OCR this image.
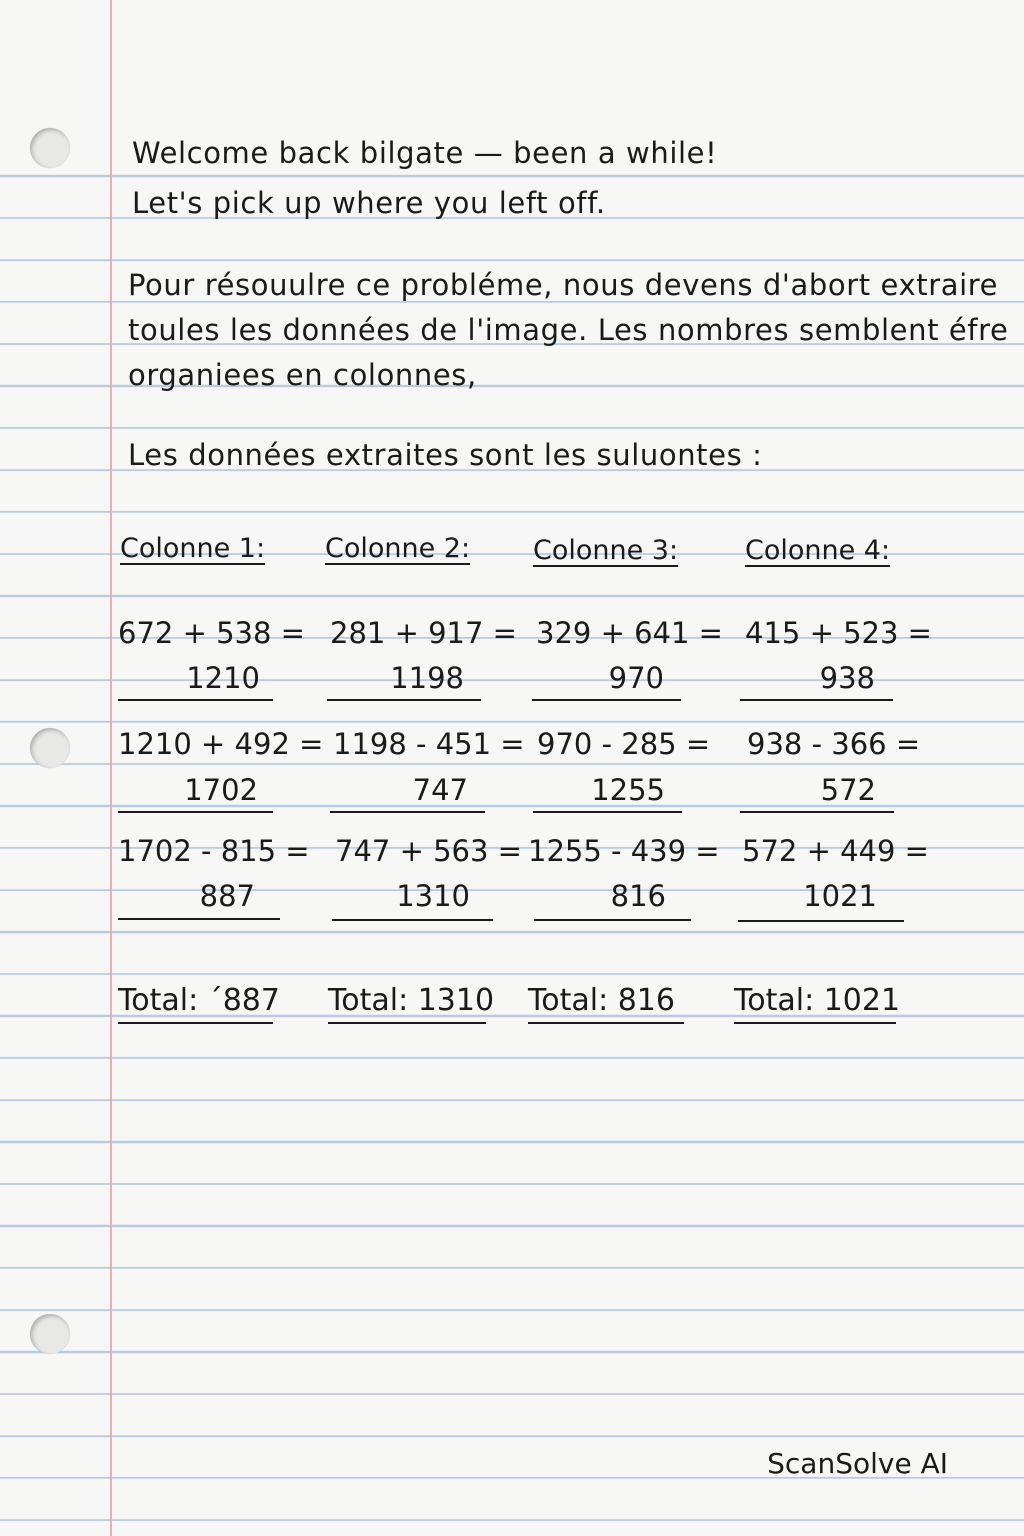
Welcome back bilgate — been a while!
Let's pick up where you left off.
Pour résouulre ce probléme, nous devens d'abort extraire
toules les données de l'image. Les nombres semblent éfre
organiees en colonnes,
Les données extraites sont les suluontes :
Colonne 1:
672 + 538 =
1210
1210 + 492 =
1702
1702 - 815 =
887
Total: ´887
Colonne 2:
281 + 917 =
1198
1198 - 451 =
747
747 + 563 =
1310
Total: 1310
Colonne 3:
329 + 641 =
970
970 - 285 =
1255
1255 - 439 =
816
Total: 816
Colonne 4:
415 + 523 =
938
938 - 366 =
572
572 + 449 =
1021
Total: 1021
ScanSolve AI
